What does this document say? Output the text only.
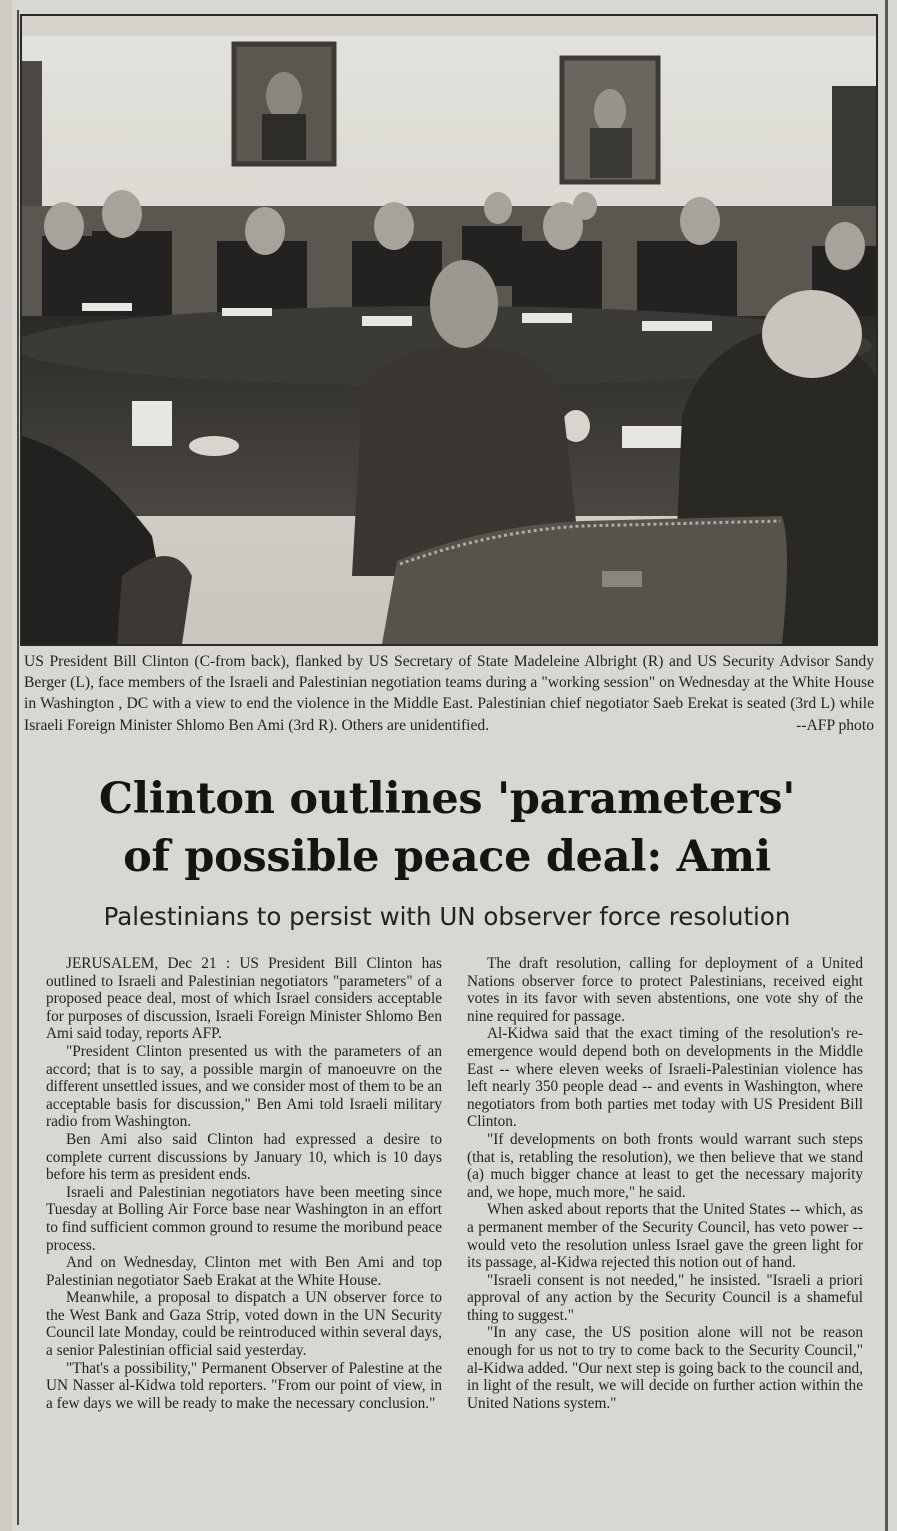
US President Bill Clinton (C-from back), flanked by US Secretary of State Madeleine Albright (R) and US Security Advisor Sandy Berger (L), face members of the Israeli and Palestinian negotiation teams during a "working session" on Wednesday at the White House in Washington , DC with a view to end the violence in the Middle East. Palestinian chief negotiator Saeb Erekat is seated (3rd L) while Israeli Foreign Minister Shlomo Ben Ami (3rd R). Others are unidentified.	--AFP photo
Clinton outlines 'parameters'
of possible peace deal: Ami
Palestinians to persist with UN observer force resolution

JERUSALEM, Dec 21 : US President Bill Clinton has outlined to Israeli and Palestinian negotiators "parameters" of a proposed peace deal, most of which Israel considers acceptable for purposes of discussion, Israeli Foreign Minister Shlomo Ben Ami said today, reports AFP.

"President Clinton presented us with the parameters of an accord; that is to say, a possible margin of manoeuvre on the different unsettled issues, and we consider most of them to be an acceptable basis for discussion," Ben Ami told Israeli military radio from Washington.

Ben Ami also said Clinton had expressed a desire to complete current discussions by January 10, which is 10 days before his term as president ends.

Israeli and Palestinian negotiators have been meeting since Tuesday at Bolling Air Force base near Washington in an effort to find sufficient common ground to resume the moribund peace process.

And on Wednesday, Clinton met with Ben Ami and top Palestinian negotiator Saeb Erakat at the White House.

Meanwhile, a proposal to dispatch a UN observer force to the West Bank and Gaza Strip, voted down in the UN Security Council late Monday, could be reintroduced within several days, a senior Palestinian official said yesterday.

"That's a possibility," Permanent Observer of Palestine at the UN Nasser al-Kidwa told reporters. "From our point of view, in a few days we will be ready to make the necessary conclusion."

The draft resolution, calling for deployment of a United Nations observer force to protect Palestinians, received eight votes in its favor with seven abstentions, one vote shy of the nine required for passage.

Al-Kidwa said that the exact timing of the resolution's re-emergence would depend both on developments in the Middle East -- where eleven weeks of Israeli-Palestinian violence has left nearly 350 people dead -- and events in Washington, where negotiators from both parties met today with US President Bill Clinton.

"If developments on both fronts would warrant such steps (that is, retabling the resolution), we then believe that we stand (a) much bigger chance at least to get the necessary majority and, we hope, much more," he said.

When asked about reports that the United States -- which, as a permanent member of the Security Council, has veto power -- would veto the resolution unless Israel gave the green light for its passage, al-Kidwa rejected this notion out of hand.

"Israeli consent is not needed," he insisted. "Israeli a priori approval of any action by the Security Council is a shameful thing to suggest."

"In any case, the US position alone will not be reason enough for us not to try to come back to the Security Council," al-Kidwa added. "Our next step is going back to the council and, in light of the result, we will decide on further action within the United Nations system."
